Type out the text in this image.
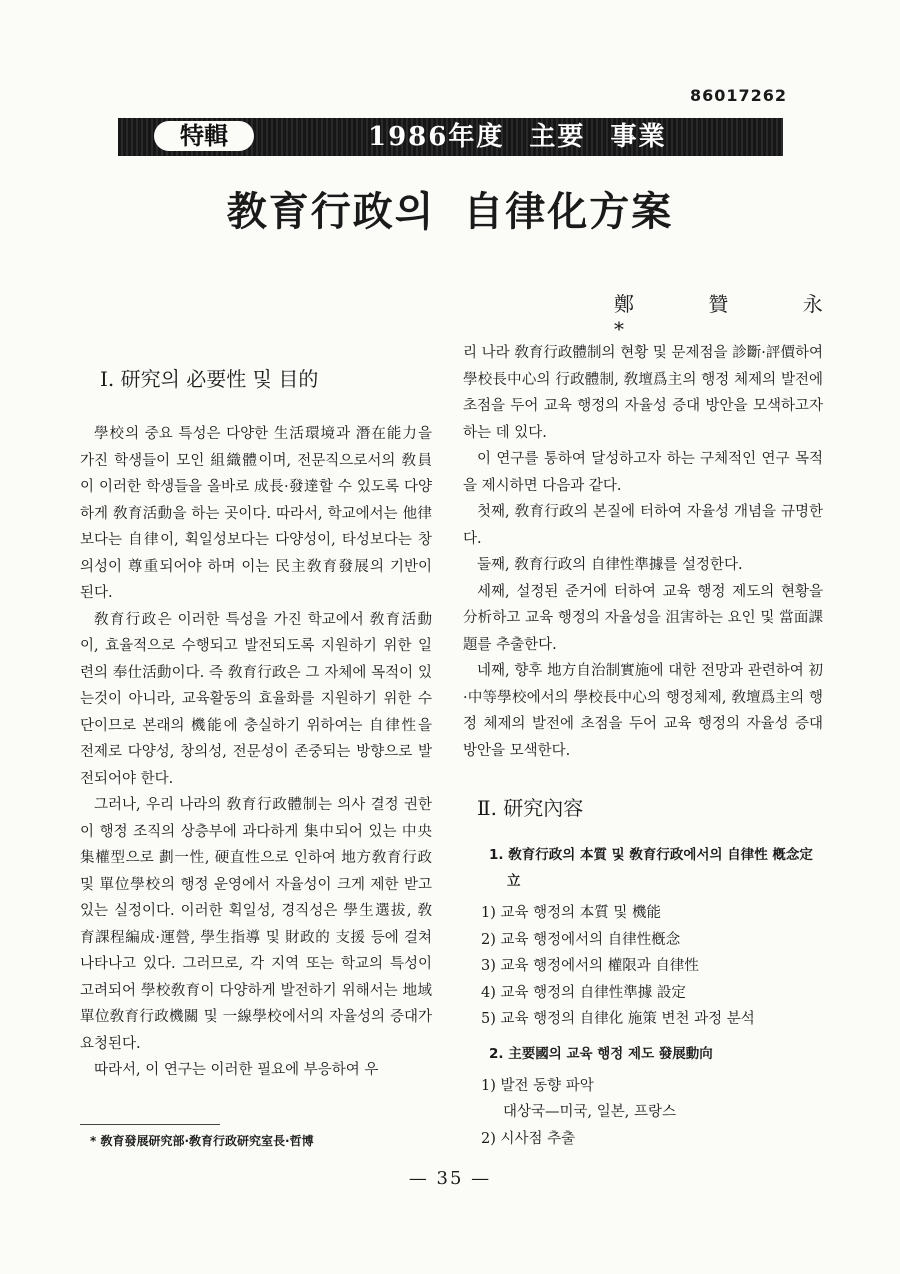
86017262
特輯	1986年度 主要 事業
教育行政의 自律化方案
鄭 贊 永*
Ⅰ. 研究의 必要性 및 目的

學校의 중요 특성은 다양한 生活環境과 潛在能力을 가진 학생들이 모인 組織體이며, 전문직으로서의 敎員이 이러한 학생들을 올바로 成長·發達할 수 있도록 다양하게 敎育活動을 하는 곳이다. 따라서, 학교에서는 他律보다는 自律이, 획일성보다는 다양성이, 타성보다는 창의성이 尊重되어야 하며 이는 民主敎育發展의 기반이 된다.

敎育行政은 이러한 특성을 가진 학교에서 敎育活動이, 효율적으로 수행되고 발전되도록 지원하기 위한 일련의 奉仕活動이다. 즉 敎育行政은 그 자체에 목적이 있는것이 아니라, 교육활동의 효율화를 지원하기 위한 수단이므로 본래의 機能에 충실하기 위하여는 自律性을 전제로 다양성, 창의성, 전문성이 존중되는 방향으로 발전되어야 한다.

그러나, 우리 나라의 敎育行政體制는 의사 결정 권한이 행정 조직의 상층부에 과다하게 集中되어 있는 中央集權型으로 劃一性, 硬直性으로 인하여 地方敎育行政 및 單位學校의 행정 운영에서 자율성이 크게 제한 받고 있는 실정이다. 이러한 획일성, 경직성은 學生選拔, 敎育課程編成·運營, 學生指導 및 財政的 支援 등에 걸쳐 나타나고 있다. 그러므로, 각 지역 또는 학교의 특성이 고려되어 學校敎育이 다양하게 발전하기 위해서는 地域單位敎育行政機關 및 一線學校에서의 자율성의 증대가 요청된다.

따라서, 이 연구는 이러한 필요에 부응하여 우

리 나라 敎育行政體制의 현황 및 문제점을 診斷·評價하여 學校長中心의 行政體制, 敎壇爲主의 행정 체제의 발전에 초점을 두어 교육 행정의 자율성 증대 방안을 모색하고자 하는 데 있다.

이 연구를 통하여 달성하고자 하는 구체적인 연구 목적을 제시하면 다음과 같다.

첫째, 敎育行政의 본질에 터하여 자율성 개념을 규명한다.

둘째, 敎育行政의 自律性準據를 설정한다.

세째, 설정된 준거에 터하여 교육 행정 제도의 현황을 分析하고 교육 행정의 자율성을 沮害하는 요인 및 當面課題를 추출한다.

네째, 향후 地方自治制實施에 대한 전망과 관련하여 初·中等學校에서의 學校長中心의 행정체제, 敎壇爲主의 행정 체제의 발전에 초점을 두어 교육 행정의 자율성 증대 방안을 모색한다.

Ⅱ. 研究內容
1. 敎育行政의 本質 및 敎育行政에서의 自律性 槪念定立
1) 교육 행정의 本質 및 機能
2) 교육 행정에서의 自律性槪念
3) 교육 행정에서의 權限과 自律性
4) 교육 행정의 自律性準據 設定
5) 교육 행정의 自律化 施策 변천 과정 분석
2. 主要國의 교육 행정 제도 發展動向
1) 발전 동향 파악
대상국—미국, 일본, 프랑스
2) 시사점 추출
* 敎育發展研究部·敎育行政研究室長·哲博
— 35 —
